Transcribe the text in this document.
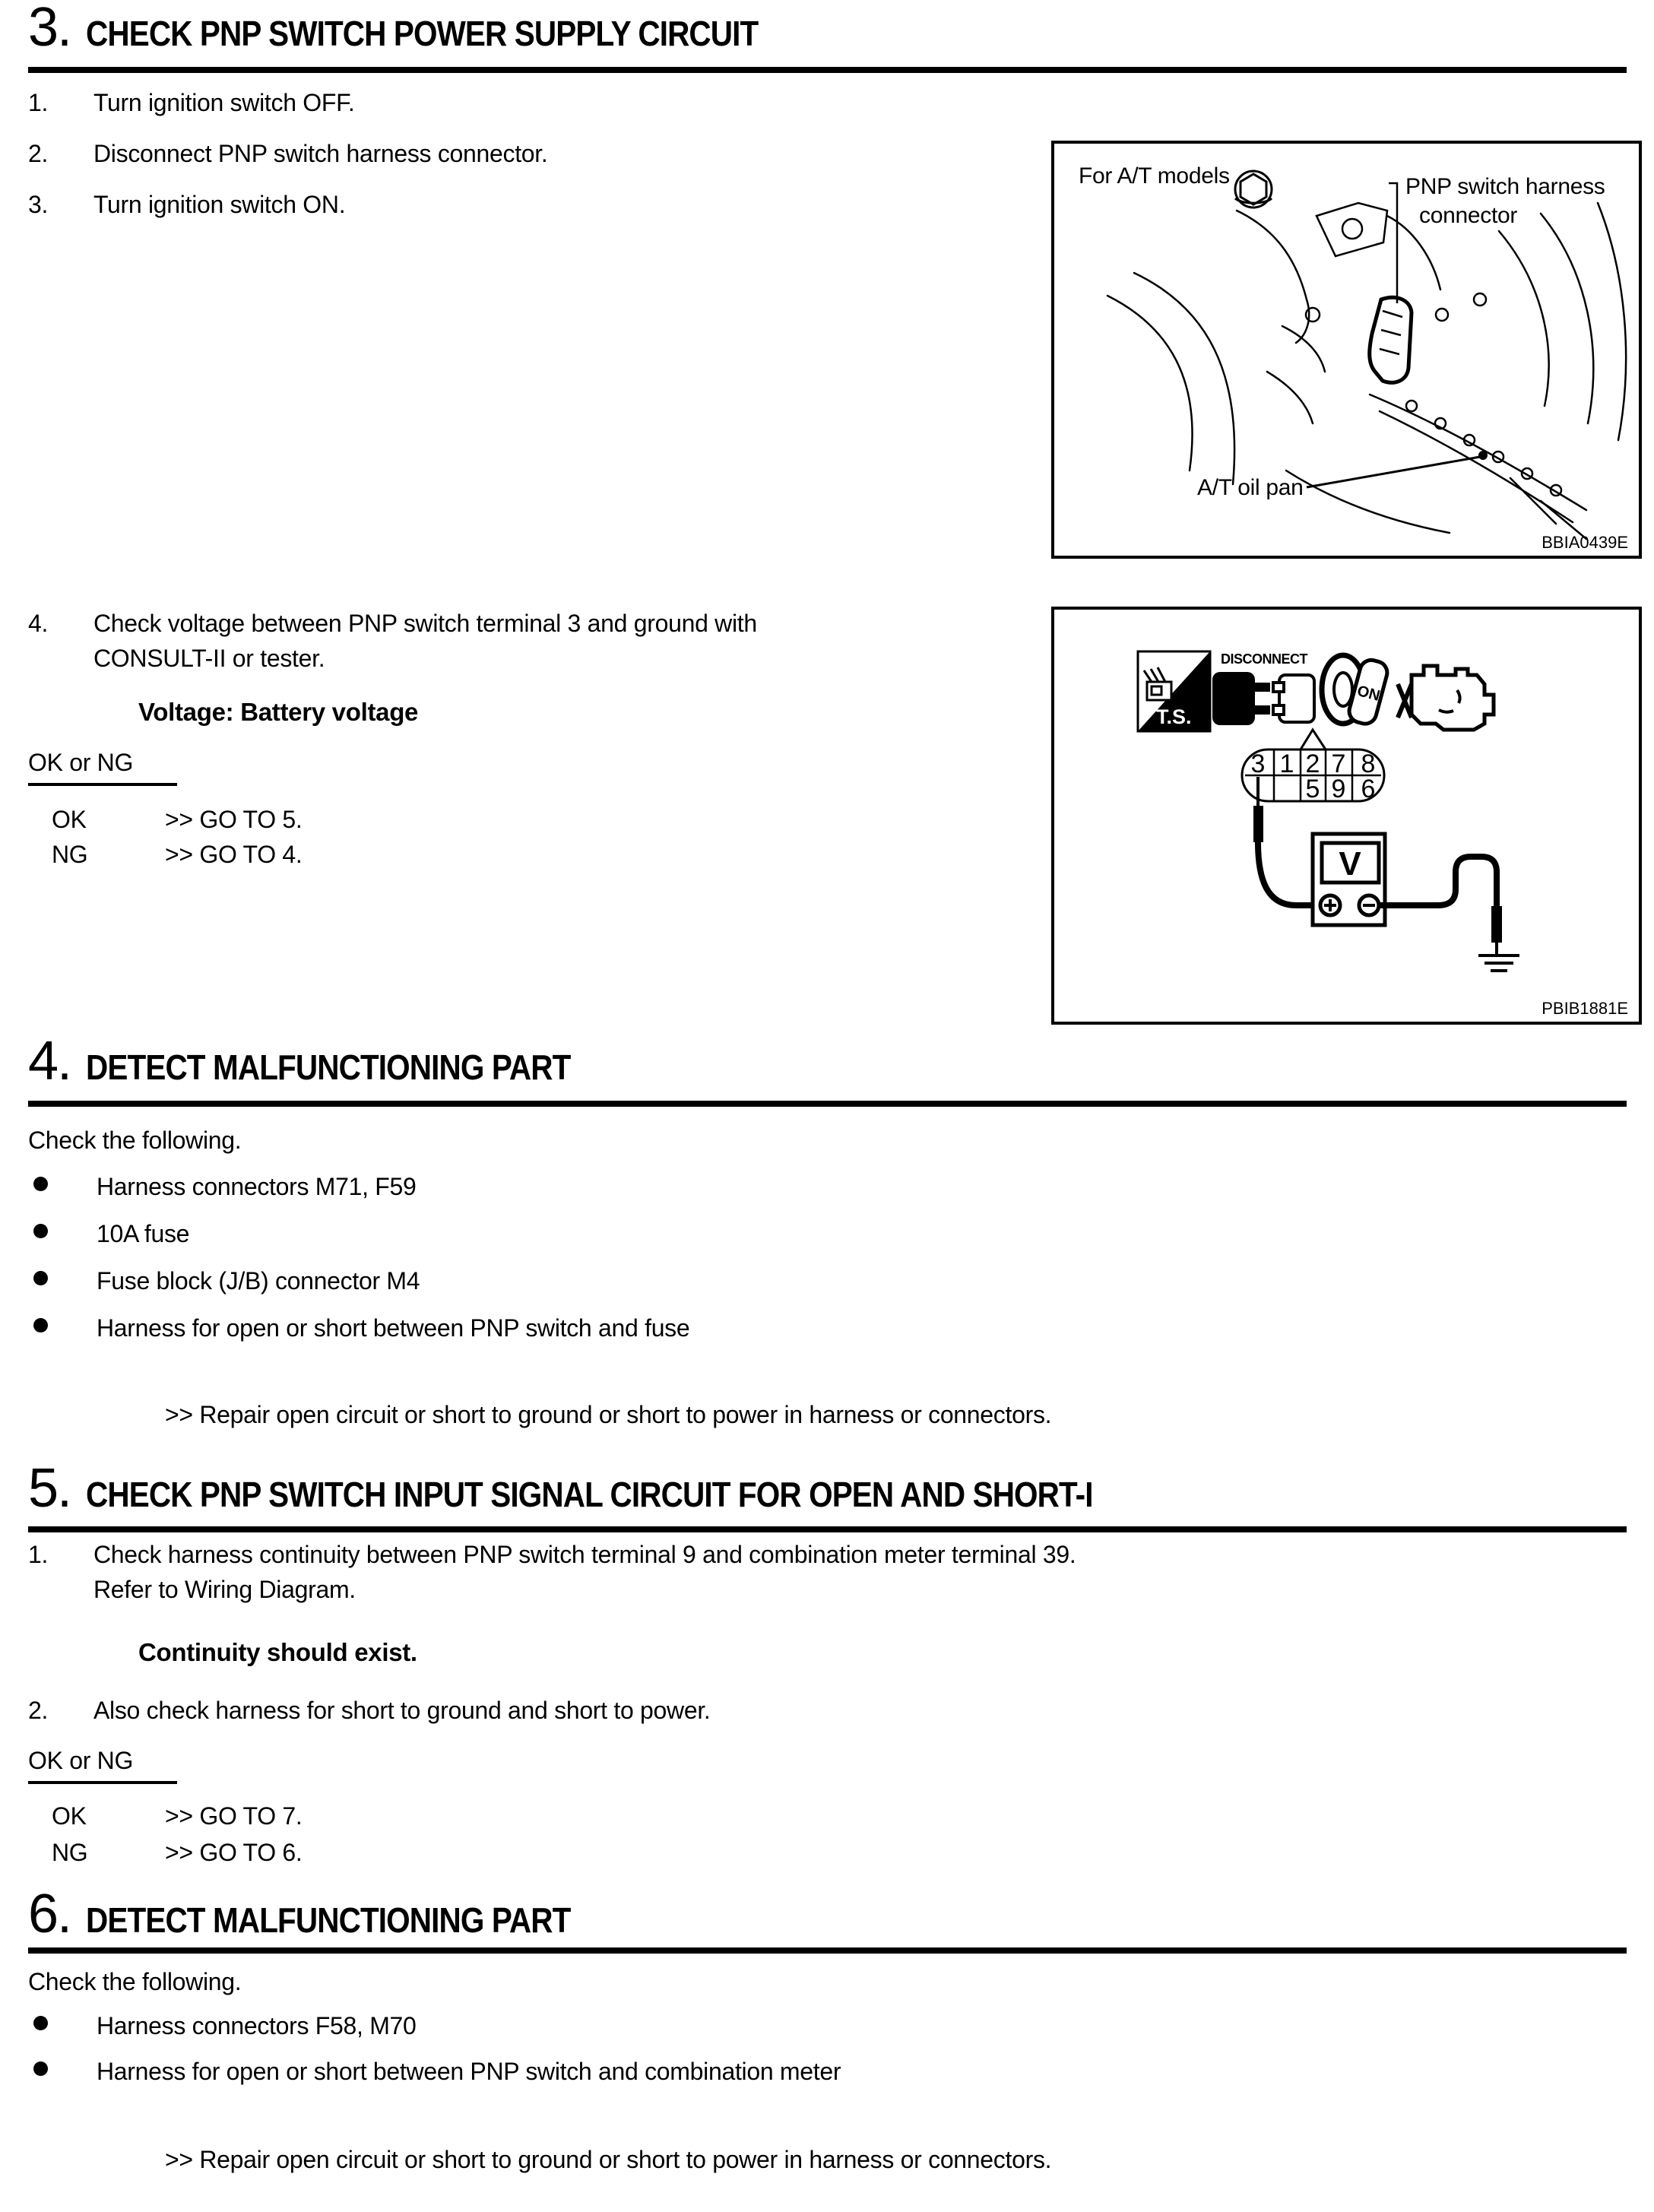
3. CHECK PNP SWITCH POWER SUPPLY CIRCUIT
1. Turn ignition switch OFF.
2. Disconnect PNP switch harness connector.
3. Turn ignition switch ON.
4. Check voltage between PNP switch terminal 3 and ground with
CONSULT-II or tester.
Voltage: Battery voltage
OK or NG
OK	>> GO TO 5.
NG	>> GO TO 4.
For A/T models	PNP switch harness
connector
A/T oil pan
BBIA0439E
T.S.
DISCONNECT
ON
3 1 2 7 8
5 9 6
V
PBIB1881E
4. DETECT MALFUNCTIONING PART
Check the following.
Harness connectors M71, F59
10A fuse
Fuse block (J/B) connector M4
Harness for open or short between PNP switch and fuse
>> Repair open circuit or short to ground or short to power in harness or connectors.
5. CHECK PNP SWITCH INPUT SIGNAL CIRCUIT FOR OPEN AND SHORT-I
1. Check harness continuity between PNP switch terminal 9 and combination meter terminal 39.
Refer to Wiring Diagram.
Continuity should exist.
2. Also check harness for short to ground and short to power.
OK or NG
OK	>> GO TO 7.
NG	>> GO TO 6.
6. DETECT MALFUNCTIONING PART
Check the following.
Harness connectors F58, M70
Harness for open or short between PNP switch and combination meter
>> Repair open circuit or short to ground or short to power in harness or connectors.
